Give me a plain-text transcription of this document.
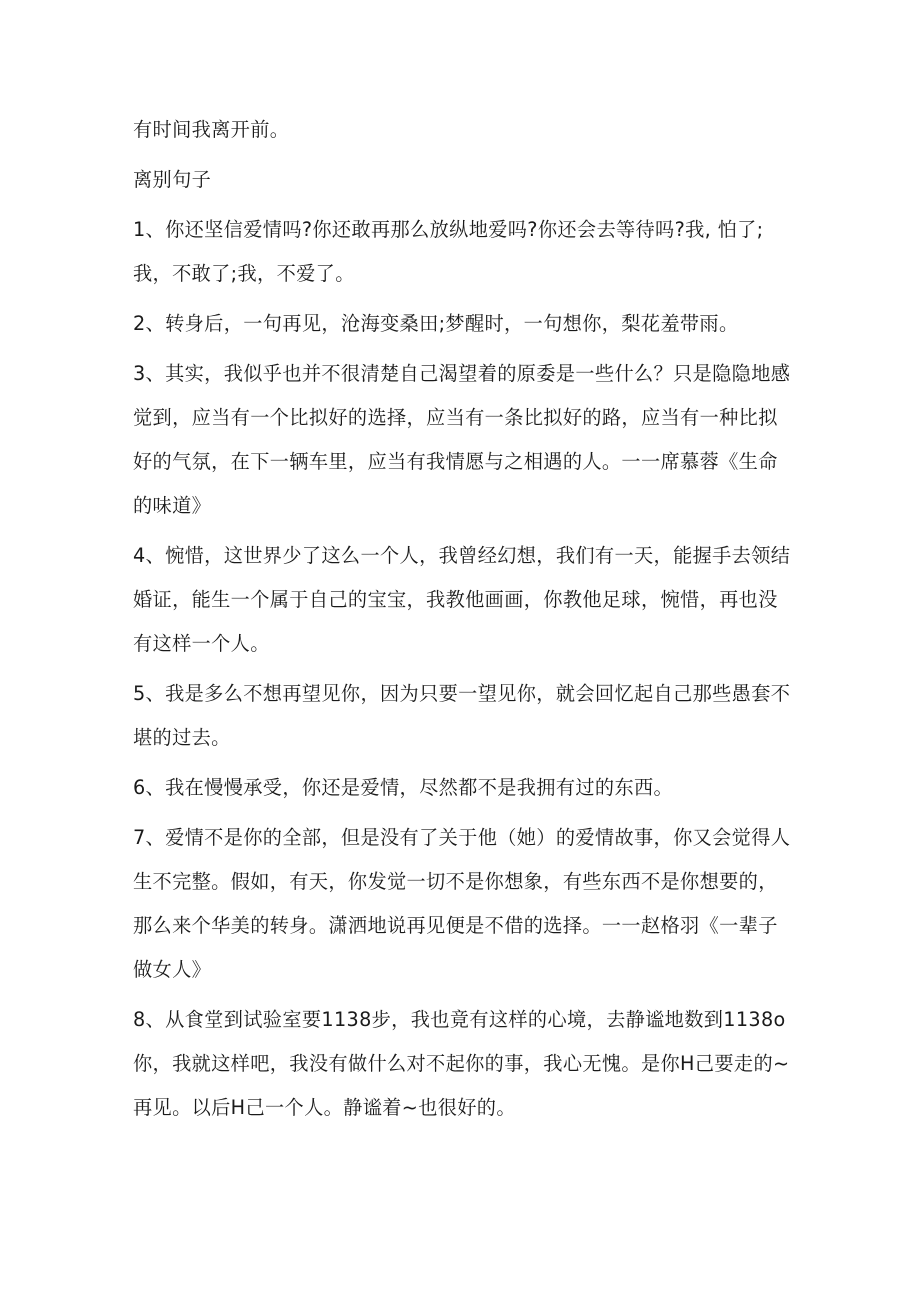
有时间我离开前。

离别句子

1、你还坚信爱情吗?你还敢再那么放纵地爱吗?你还会去等待吗?我, 怕了;我，不敢了;我，不爱了。

2、转身后，一句再见，沧海变桑田;梦醒时，一句想你，梨花羞带雨。

3、其实，我似乎也并不很清楚自己渴望着的原委是一些什么？只是隐隐地感觉到，应当有一个比拟好的选择，应当有一条比拟好的路，应当有一种比拟好的气氛，在下一辆车里，应当有我情愿与之相遇的人。一一席慕蓉《生命的味道》

4、惋惜，这世界少了这么一个人，我曾经幻想，我们有一天，能握手去领结婚证，能生一个属于自己的宝宝，我教他画画，你教他足球，惋惜，再也没有这样一个人。

5、我是多么不想再望见你，因为只要一望见你，就会回忆起自己那些愚套不堪的过去。

6、我在慢慢承受，你还是爱情，尽然都不是我拥有过的东西。

7、爱情不是你的全部，但是没有了关于他（她）的爱情故事，你又会觉得人生不完整。假如，有天，你发觉一切不是你想象，有些东西不是你想要的，那么来个华美的转身。潇洒地说再见便是不借的选择。一一赵格羽《一辈子做女人》

8、从食堂到试验室要1138步，我也竟有这样的心境，去静谧地数到1138o你，我就这样吧，我没有做什么对不起你的事，我心无愧。是你H己要走的~再见。以后H己一个人。静谧着~也很好的。
